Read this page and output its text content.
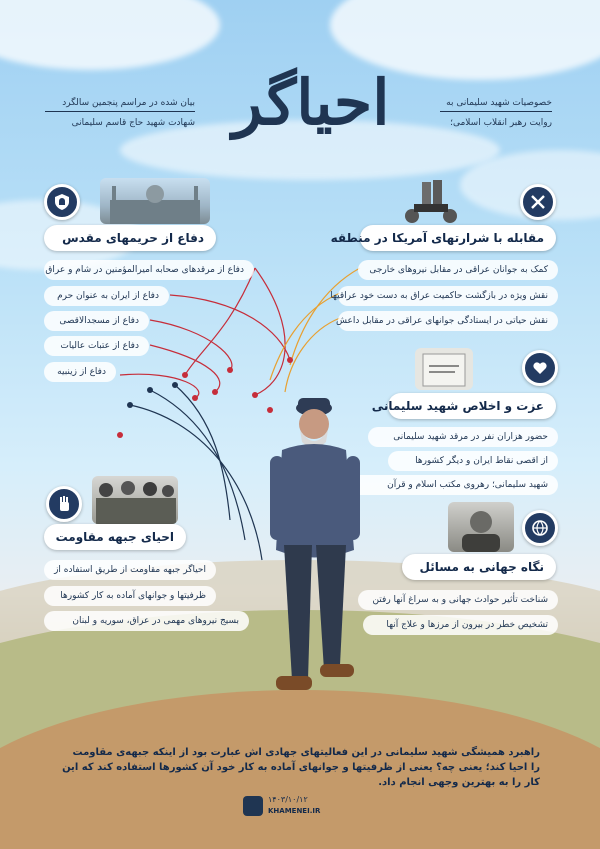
احیاگر	خصوصیات شهید سلیمانی به
روایت رهبر انقلاب اسلامی؛
بیان شده در مراسم پنجمین سالگرد
شهادت شهید حاج قاسم سلیمانی
دفاع از حریمهای مقدس
دفاع از مرقدهای صحابه امیرالمؤمنین در شام و عراق
دفاع از ایران به عنوان حرم
دفاع از مسجدالاقصی
دفاع از عتبات عالیات
دفاع از زینبیه
مقابله با شرارتهای آمریکا در منطقه
کمک به جوانان عراقی در مقابل نیروهای خارجی
نقش ویژه در بازگشت حاکمیت عراق به دست خود عراقیها
نقش حیاتی در ایستادگی جوانهای عراقی در مقابل داعش
عزت و اخلاص شهید سلیمانی
حضور هزاران نفر در مرقد شهید سلیمانی
از اقصی نقاط ایران و دیگر کشورها
شهید سلیمانی؛ رهروی مکتب اسلام و قرآن
احیای جبهه مقاومت
احیاگر جبهه مقاومت از طریق استفاده از
ظرفیتها و جوانهای آماده به کار کشورها
بسیج نیروهای مهمی در عراق، سوریه و لبنان
نگاه جهانی به مسائل
شناخت تأثیر حوادث جهانی و به سراغ آنها رفتن
تشخیص خطر در بیرون از مرزها و علاج آنها
راهبرد همیشگی شهید سلیمانی در این فعالیتهای جهادی اش عبارت بود از اینکه جبهه‌ی مقاومت را احیا کند؛ یعنی چه؟ یعنی از ظرفیتها و جوانهای آماده به کار خود آن کشورها استفاده کند که این کار را به بهترین وجهی انجام داد.
۱۴۰۳/۱۰/۱۲
KHAMENEI.IR
